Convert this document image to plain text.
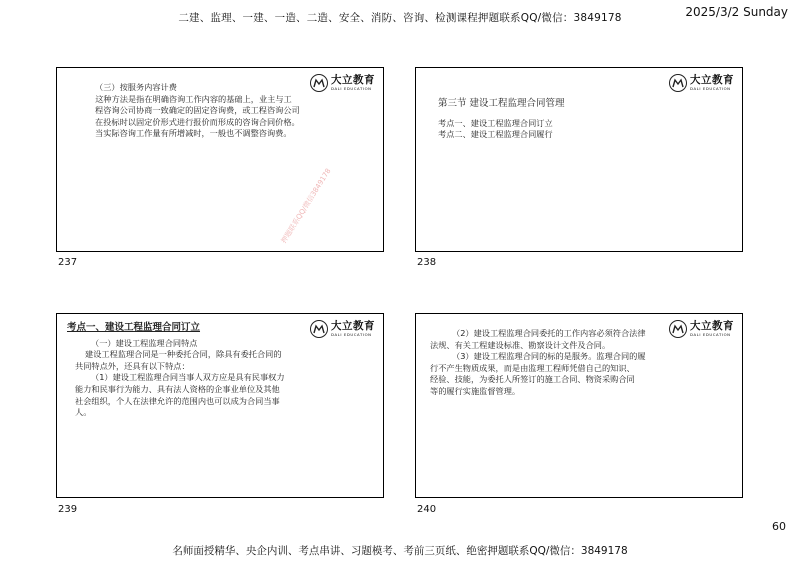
二建、监理、一建、一造、二造、安全、消防、咨询、检测课程押题联系QQ/微信：3849178	2025/3/2 Sunday
大立教育
DALI EDUCATION

（三）按服务内容计费

这种方法是指在明确咨询工作内容的基础上，业主与工

程咨询公司协商一致确定的固定咨询费，或工程咨询公司

在投标时以固定价形式进行报价而形成的咨询合同价格。

当实际咨询工作量有所增减时，一般也不调整咨询费。

押题联系QQ/微信3849178
237
大立教育
DALI EDUCATION

第三节 建设工程监理合同管理

考点一、建设工程监理合同订立

考点二、建设工程监理合同履行

238
大立教育
DALI EDUCATION

考点一、建设工程监理合同订立

（一）建设工程监理合同特点

建设工程监理合同是一种委托合同，除具有委托合同的

共同特点外，还具有以下特点：

（1）建设工程监理合同当事人双方应是具有民事权力

能力和民事行为能力、具有法人资格的企事业单位及其他

社会组织，个人在法律允许的范围内也可以成为合同当事

人。

239
大立教育
DALI EDUCATION

（2）建设工程监理合同委托的工作内容必须符合法律

法规、有关工程建设标准、勘察设计文件及合同。

（3）建设工程监理合同的标的是服务。监理合同的履

行不产生物质成果，而是由监理工程师凭借自己的知识、

经验、技能，为委托人所签订的施工合同、物资采购合同

等的履行实施监督管理。

240
60
名师面授精华、央企内训、考点串讲、习题模考、考前三页纸、绝密押题联系QQ/微信：3849178
